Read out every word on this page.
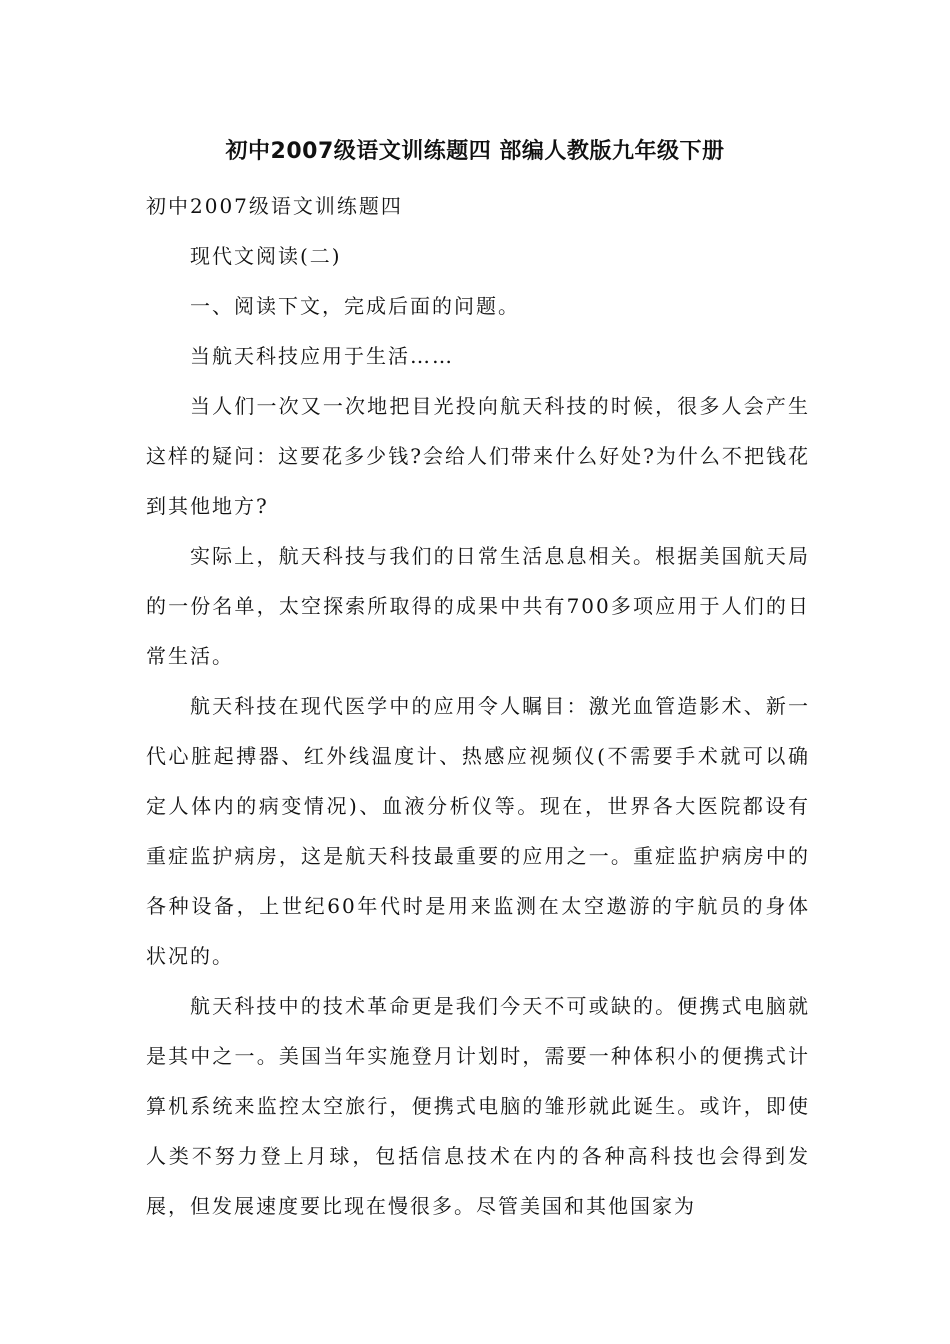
初中2007级语文训练题四 部编人教版九年级下册

初中2007级语文训练题四

现代文阅读(二)

一、阅读下文，完成后面的问题。

当航天科技应用于生活……

当人们一次又一次地把目光投向航天科技的时候，很多人会产生这样的疑问：这要花多少钱?会给人们带来什么好处?为什么不把钱花到其他地方?

实际上，航天科技与我们的日常生活息息相关。根据美国航天局的一份名单，太空探索所取得的成果中共有700多项应用于人们的日常生活。

航天科技在现代医学中的应用令人瞩目：激光血管造影术、新一代心脏起搏器、红外线温度计、热感应视频仪(不需要手术就可以确定人体内的病变情况)、血液分析仪等。现在，世界各大医院都设有重症监护病房，这是航天科技最重要的应用之一。重症监护病房中的各种设备，上世纪60年代时是用来监测在太空遨游的宇航员的身体状况的。

航天科技中的技术革命更是我们今天不可或缺的。便携式电脑就是其中之一。美国当年实施登月计划时，需要一种体积小的便携式计算机系统来监控太空旅行，便携式电脑的雏形就此诞生。或许，即使人类不努力登上月球，包括信息技术在内的各种高科技也会得到发展，但发展速度要比现在慢很多。尽管美国和其他国家为
